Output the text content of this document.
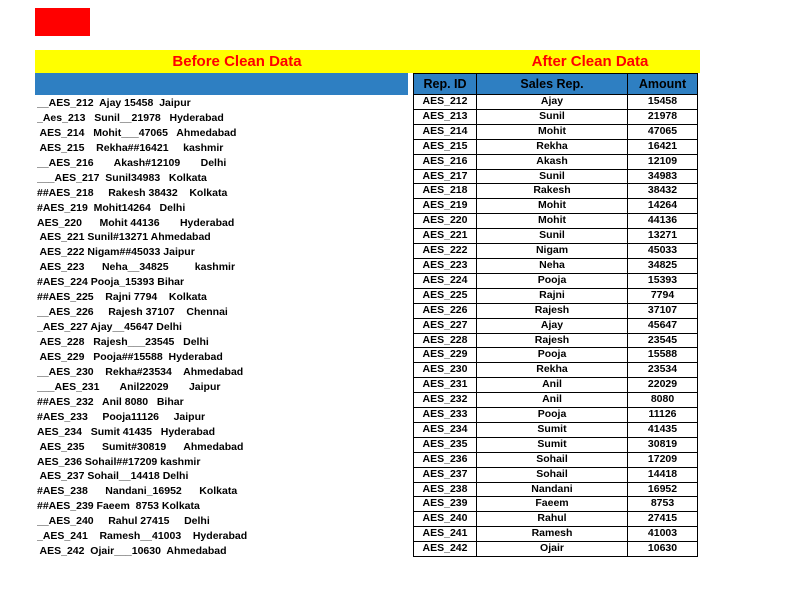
Before Clean Data	After Clean Data
__AES_212  Ajay 15458  Jaipur
_Aes_213   Sunil__21978   Hyderabad
AES_214   Mohit___47065   Ahmedabad
AES_215    Rekha##16421     kashmir
__AES_216       Akash#12109       Delhi
___AES_217  Sunil34983   Kolkata
##AES_218     Rakesh 38432    Kolkata
#AES_219  Mohit14264   Delhi
AES_220      Mohit 44136       Hyderabad
AES_221 Sunil#13271 Ahmedabad
AES_222 Nigam##45033 Jaipur
AES_223      Neha__34825         kashmir
#AES_224 Pooja_15393 Bihar
##AES_225    Rajni 7794    Kolkata
__AES_226     Rajesh 37107    Chennai
_AES_227 Ajay__45647 Delhi
AES_228   Rajesh___23545   Delhi
AES_229   Pooja##15588  Hyderabad
__AES_230    Rekha#23534    Ahmedabad
___AES_231       Anil22029       Jaipur
##AES_232   Anil 8080   Bihar
#AES_233     Pooja11126     Jaipur
AES_234   Sumit 41435   Hyderabad
AES_235      Sumit#30819      Ahmedabad
AES_236 Sohail##17209 kashmir
AES_237 Sohail__14418 Delhi
#AES_238      Nandani_16952      Kolkata
##AES_239 Faeem  8753 Kolkata
__AES_240     Rahul 27415     Delhi
_AES_241    Ramesh__41003    Hyderabad
AES_242  Ojair___10630  Ahmedabad
Rep. ID	Sales Rep.	Amount
AES_212	Ajay	15458
AES_213	Sunil	21978
AES_214	Mohit	47065
AES_215	Rekha	16421
AES_216	Akash	12109
AES_217	Sunil	34983
AES_218	Rakesh	38432
AES_219	Mohit	14264
AES_220	Mohit	44136
AES_221	Sunil	13271
AES_222	Nigam	45033
AES_223	Neha	34825
AES_224	Pooja	15393
AES_225	Rajni	7794
AES_226	Rajesh	37107
AES_227	Ajay	45647
AES_228	Rajesh	23545
AES_229	Pooja	15588
AES_230	Rekha	23534
AES_231	Anil	22029
AES_232	Anil	8080
AES_233	Pooja	11126
AES_234	Sumit	41435
AES_235	Sumit	30819
AES_236	Sohail	17209
AES_237	Sohail	14418
AES_238	Nandani	16952
AES_239	Faeem	8753
AES_240	Rahul	27415
AES_241	Ramesh	41003
AES_242	Ojair	10630
